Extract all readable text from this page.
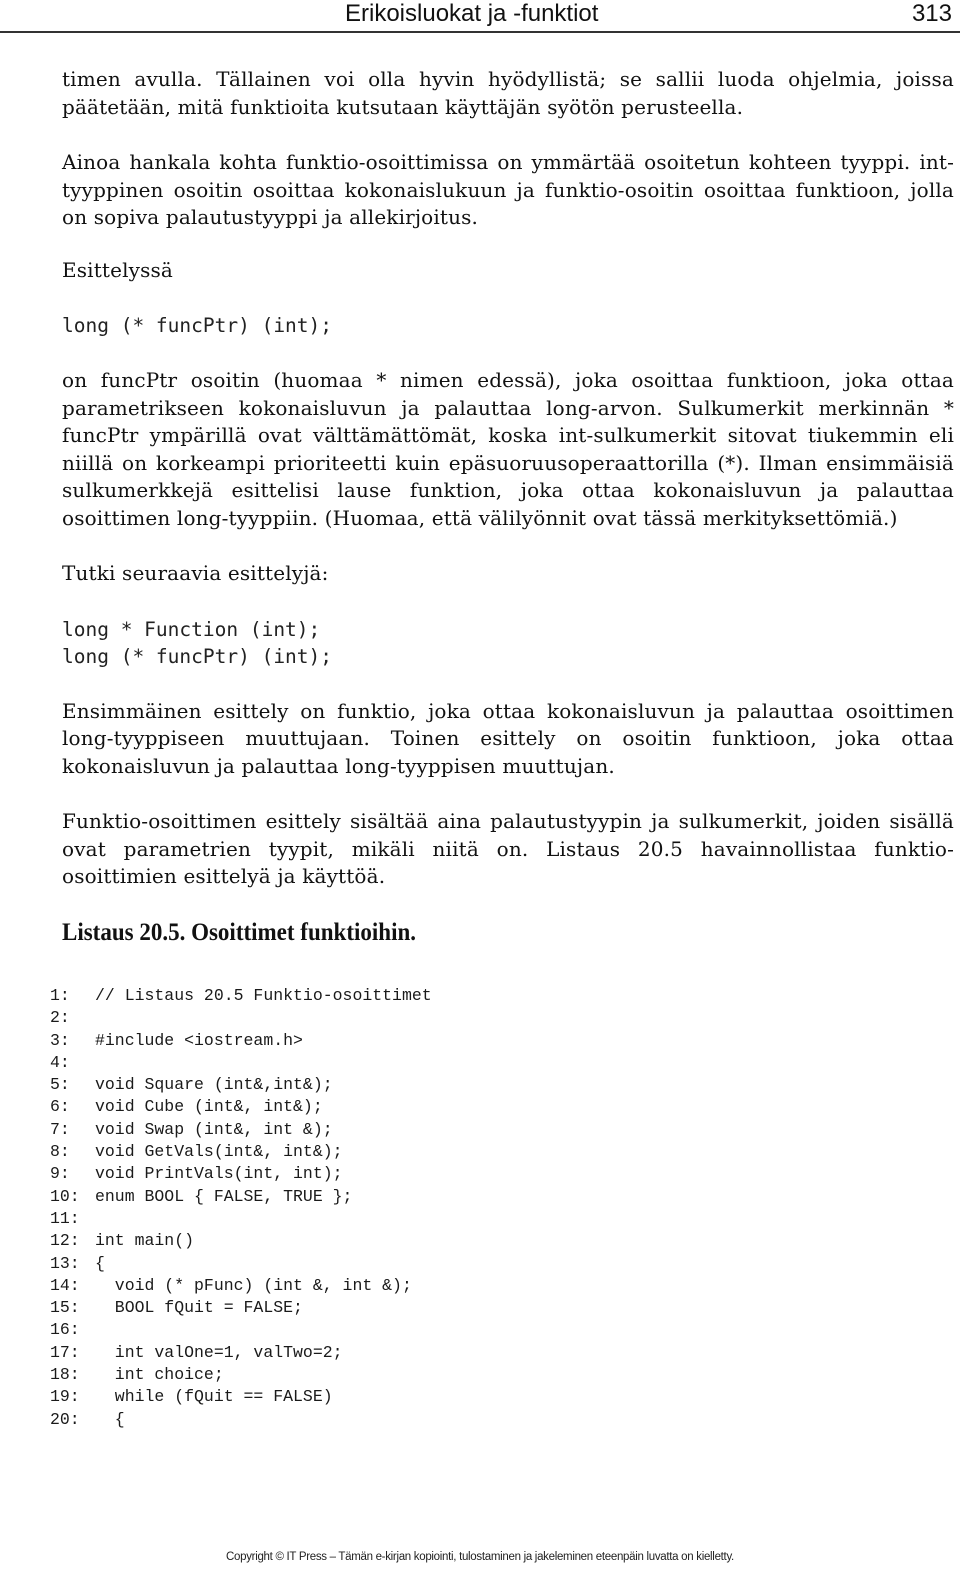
Erikoisluokat ja -funktiot	313

timen avulla. Tällainen voi olla hyvin hyödyllistä; se sallii luoda ohjelmia, joissa päätetään, mitä funktioita kutsutaan käyttäjän syötön perusteella.

Ainoa hankala kohta funktio-osoittimissa on ymmärtää osoitetun kohteen tyyppi. int-tyyppinen osoitin osoittaa kokonaislukuun ja funktio-osoitin osoittaa funktioon, jolla on sopiva palautustyyppi ja allekirjoitus.

Esittelyssä

long (* funcPtr) (int);

on funcPtr osoitin (huomaa * nimen edessä), joka osoittaa funktioon, joka ottaa parametrikseen kokonaisluvun ja palauttaa long-arvon. Sulkumerkit merkinnän * funcPtr ympärillä ovat välttämättömät, koska int-sulkumerkit sitovat tiukemmin eli niillä on korkeampi prioriteetti kuin epäsuoruusoperaattorilla (*). Ilman ensimmäisiä sulkumerkkejä esittelisi lause funktion, joka ottaa kokonaisluvun ja palauttaa osoittimen long-tyyppiin. (Huomaa, että välilyönnit ovat tässä merkityksettömiä.)

Tutki seuraavia esittelyjä:

long * Function (int);
long (* funcPtr) (int);

Ensimmäinen esittely on funktio, joka ottaa kokonaisluvun ja palauttaa osoittimen long-tyyppiseen muuttujaan. Toinen esittely on osoitin funktioon, joka ottaa kokonaisluvun ja palauttaa long-tyyppisen muuttujan.

Funktio-osoittimen esittely sisältää aina palautustyypin ja sulkumerkit, joiden sisällä ovat parametrien tyypit, mikäli niitä on. Listaus 20.5 havainnollistaa funktio-osoittimien esittelyä ja käyttöä.

Listaus 20.5. Osoittimet funktioihin.

1:	// Listaus 20.5 Funktio-osoittimet
2:
3:	#include <iostream.h>
4:
5:	void Square (int&,int&);
6:	void Cube (int&, int&);
7:	void Swap (int&, int &);
8:	void GetVals(int&, int&);
9:	void PrintVals(int, int);
10: enum BOOL { FALSE, TRUE };
11:
12: int main()
13: {
14: void (* pFunc) (int &, int &);
15: BOOL fQuit = FALSE;
16:
17: int valOne=1, valTwo=2;
18: int choice;
19: while (fQuit == FALSE)
20: {
Copyright © IT Press – Tämän e-kirjan kopiointi, tulostaminen ja jakeleminen eteenpäin luvatta on kielletty.
